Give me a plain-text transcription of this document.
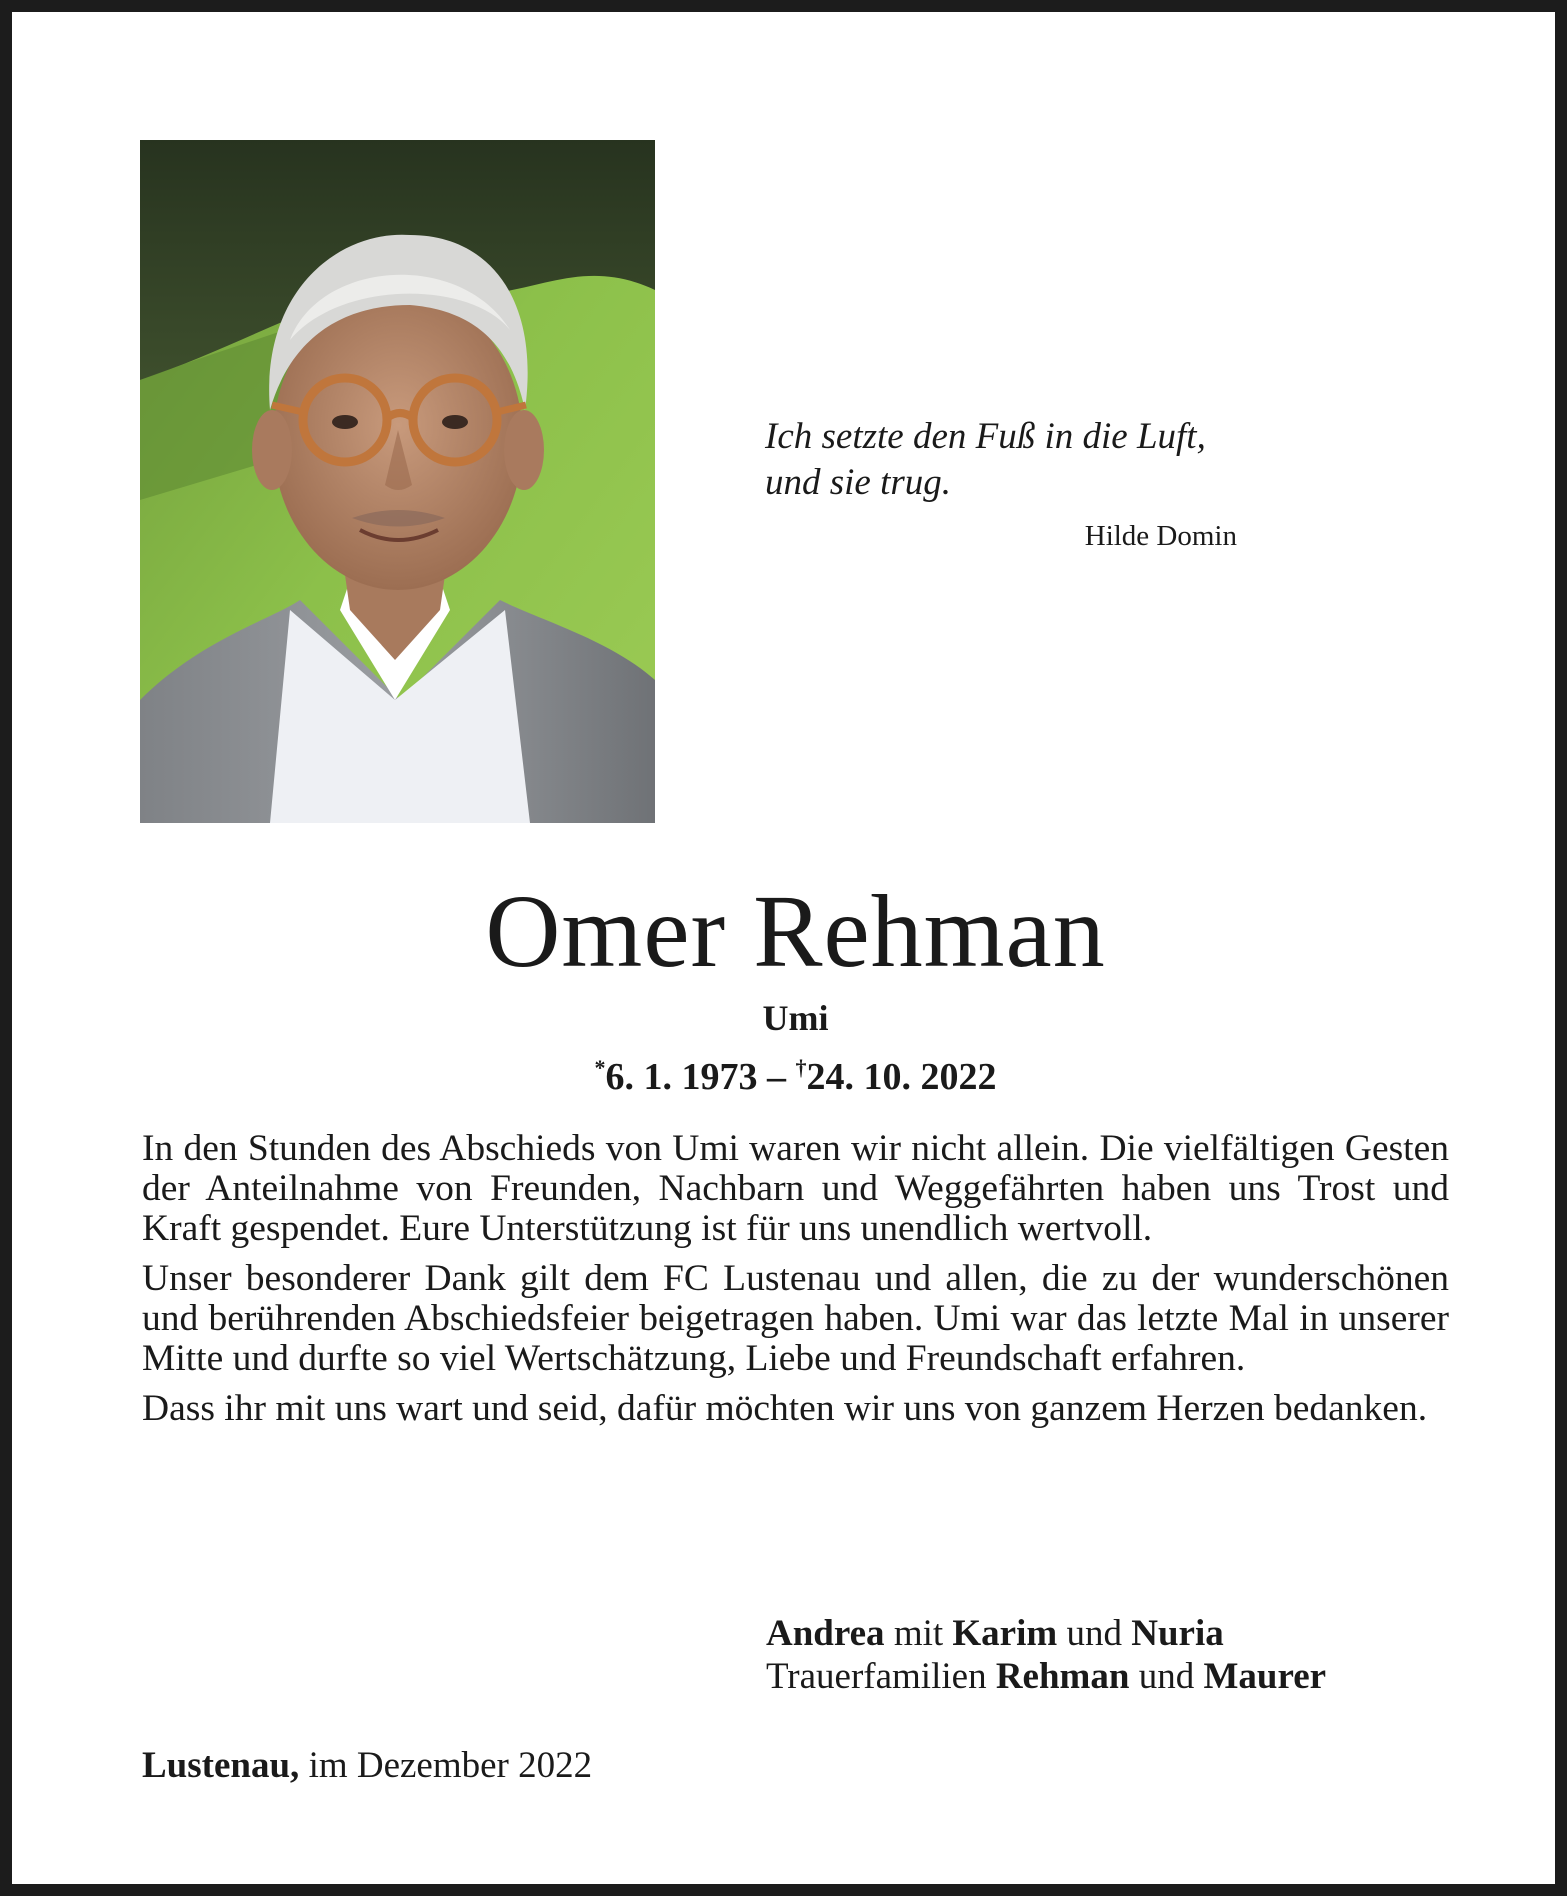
Ich setzte den Fuß in die Luft,
und sie trug.
Hilde Domin
Omer Rehman
Umi
*6. 1. 1973 – †24. 10. 2022

In den Stunden des Abschieds von Umi waren wir nicht allein. Die vielfältigen Gesten der Anteilnahme von Freunden, Nachbarn und Weggefährten haben uns Trost und Kraft gespendet. Eure Unterstützung ist für uns unendlich wertvoll.

Unser besonderer Dank gilt dem FC Lustenau und allen, die zu der wunderschönen und berührenden Abschiedsfeier beigetragen haben. Umi war das letzte Mal in unserer Mitte und durfte so viel Wertschätzung, Liebe und Freundschaft erfahren.

Dass ihr mit uns wart und seid, dafür möchten wir uns von ganzem Herzen bedanken.

Andrea mit Karim und Nuria
Trauerfamilien Rehman und Maurer
Lustenau, im Dezember 2022
